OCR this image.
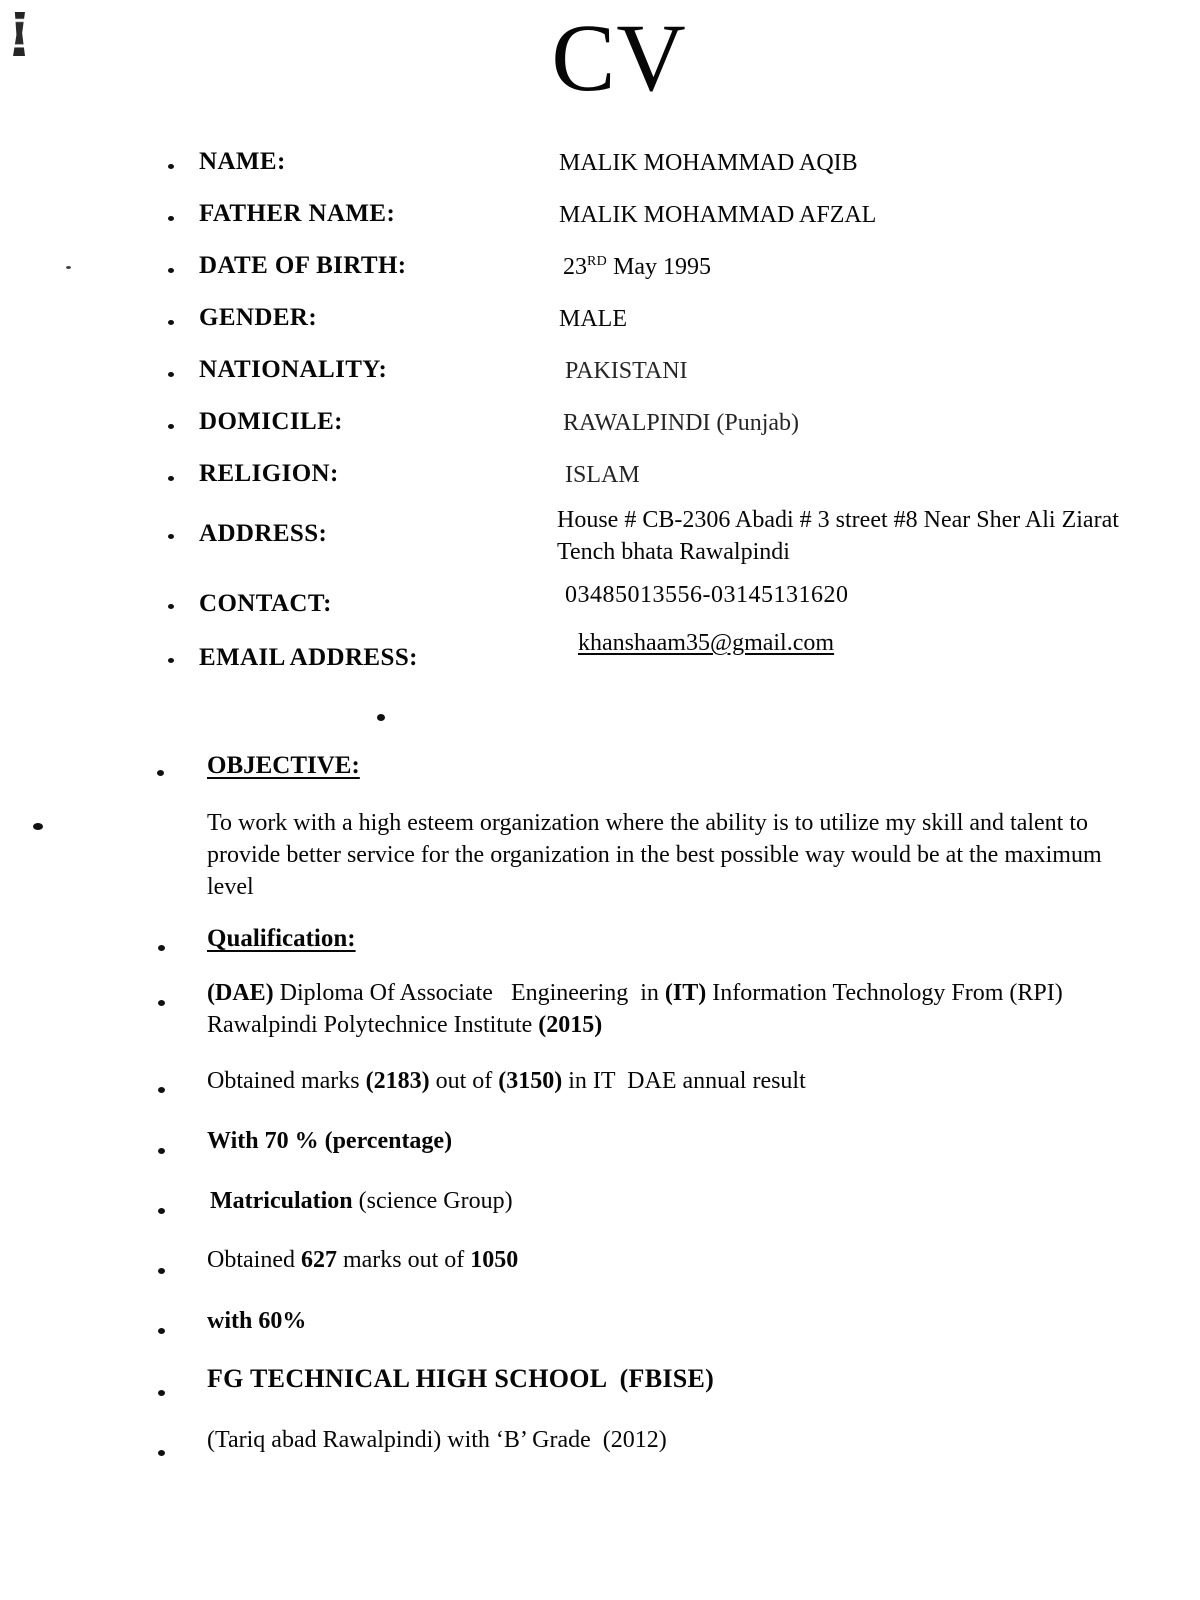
CV
NAME:	MALIK MOHAMMAD AQIB
FATHER NAME:	MALIK MOHAMMAD AFZAL
DATE OF BIRTH:	23RD May 1995
GENDER:	MALE
NATIONALITY:	PAKISTANI
DOMICILE:	RAWALPINDI (Punjab)
RELIGION:	ISLAM
ADDRESS:	House # CB-2306 Abadi # 3 street #8 Near Sher Ali Ziarat Tench bhata Rawalpindi
CONTACT:	03485013556-03145131620
EMAIL ADDRESS:
khanshaam35@gmail.com
OBJECTIVE:
To work with a high esteem organization where the ability is to utilize my skill and talent to provide better service for the organization in the best possible way would be at the maximum level
Qualification:
(DAE) Diploma Of Associate   Engineering  in (IT) Information Technology From (RPI) Rawalpindi Polytechnice Institute (2015)
Obtained marks (2183) out of (3150) in IT  DAE annual result
With 70 % (percentage)
Matriculation (science Group)
Obtained 627 marks out of 1050
with 60%
FG TECHNICAL HIGH SCHOOL  (FBISE)
(Tariq abad Rawalpindi) with ‘B’ Grade  (2012)
